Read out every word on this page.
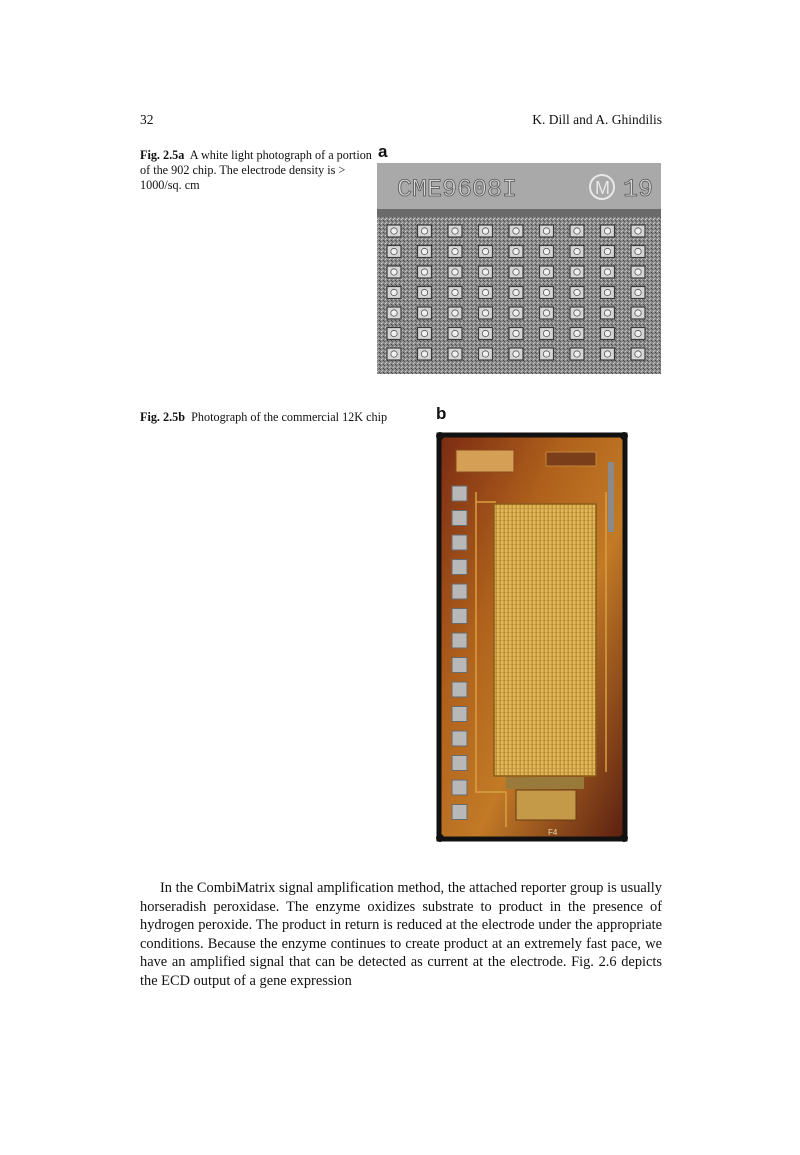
32	K. Dill and A. Ghindilis
Fig. 2.5a A white light photograph of a portion of the 902 chip. The electrode density is > 1000/sq. cm
a
CME9608I	M 19
Fig. 2.5b Photograph of the commercial 12K chip	b
F4

In the CombiMatrix signal amplification method, the attached reporter group is usually horseradish peroxidase. The enzyme oxidizes substrate to product in the presence of hydrogen peroxide. The product in return is reduced at the electrode under the appropriate conditions. Because the enzyme continues to create product at an extremely fast pace, we have an amplified signal that can be detected as current at the electrode. Fig. 2.6 depicts the ECD output of a gene expression
